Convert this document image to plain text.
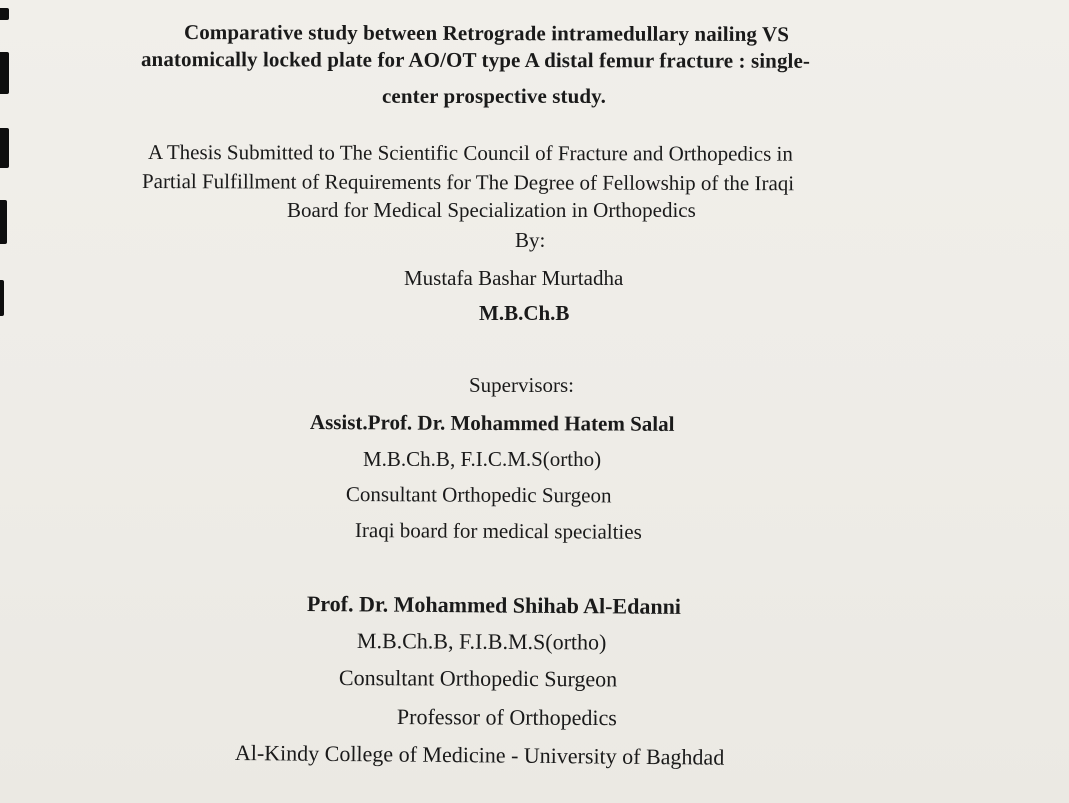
Comparative study between Retrograde intramedullary nailing VS
anatomically locked plate for AO/OT type A distal femur fracture : single-
center prospective study.
A Thesis Submitted to The Scientific Council of Fracture and Orthopedics in
Partial Fulfillment of Requirements for The Degree of Fellowship of the Iraqi
Board for Medical Specialization in Orthopedics
By:
Mustafa Bashar Murtadha
M.B.Ch.B
Supervisors:
Assist.Prof. Dr. Mohammed Hatem Salal
M.B.Ch.B, F.I.C.M.S(ortho)
Consultant Orthopedic Surgeon
Iraqi board for medical specialties
Prof. Dr. Mohammed Shihab Al-Edanni
M.B.Ch.B, F.I.B.M.S(ortho)
Consultant Orthopedic Surgeon
Professor of Orthopedics
Al-Kindy College of Medicine - University of Baghdad
